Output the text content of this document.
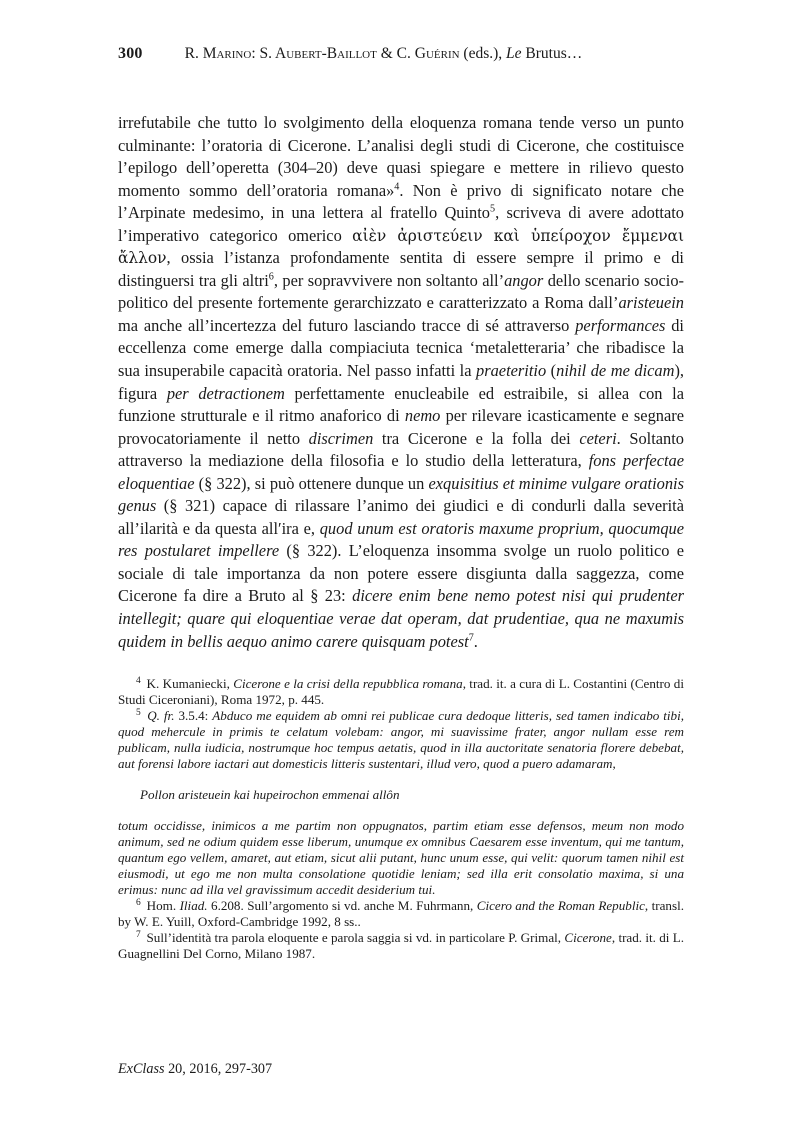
300	R. Marino: S. Aubert-Baillot & C. Guérin (eds.), Le Brutus…

irrefutabile che tutto lo svolgimento della eloquenza romana tende verso un punto culminante: l’oratoria di Cicerone. L’analisi degli studi di Cicerone, che costituisce l’epilogo dell’operetta (304–20) deve quasi spiegare e mettere in rilievo questo momento sommo dell’oratoria romana»$^4$. Non è privo di significato notare che l’Arpinate medesimo, in una lettera al fratello Quinto$^5$, scriveva di avere adottato l’imperativo categorico omerico αἰὲν ἀριστεύειν καὶ ὑπείροχον ἔμμεναι ἄλλον, ossia l’istanza profondamente sentita di essere sempre il primo e di distinguersi tra gli altri$^6$, per sopravvivere non soltanto all’angor dello scenario socio-politico del presente fortemente gerarchizzato e caratterizzato a Roma dall’aristeuein ma anche all’incertezza del futuro lasciando tracce di sé attraverso performances di eccellenza come emerge dalla compiaciuta tecnica ‘metaletteraria’ che ribadisce la sua insuperabile capacità oratoria. Nel passo infatti la praeteritio (nihil de me dicam), figura per detractionem perfettamente enucleabile ed estraibile, si allea con la funzione strutturale e il ritmo anaforico di nemo per rilevare icasticamente e segnare provocatoriamente il netto discrimen tra Cicerone e la folla dei ceteri. Soltanto attraverso la mediazione della filosofia e lo studio della letteratura, fons perfectae eloquentiae (§ 322), si può ottenere dunque un exquisitius et minime vulgare orationis genus (§ 321) capace di rilassare l’animo dei giudici e di condurli dalla severità all’ilarità e da questa all′ira e, quod unum est oratoris maxume proprium, quocumque res postularet impellere (§ 322). L’eloquenza insomma svolge un ruolo politico e sociale di tale importanza da non potere essere disgiunta dalla saggezza, come Cicerone fa dire a Bruto al § 23: dicere enim bene nemo potest nisi qui prudenter intellegit; quare qui eloquentiae verae dat operam, dat prudentiae, qua ne maxumis quidem in bellis aequo animo carere quisquam potest$^7$.

$^4$ K. Kumaniecki, Cicerone e la crisi della repubblica romana, trad. it. a cura di L. Costantini (Centro di Studi Ciceroniani), Roma 1972, p. 445.

$^5$ Q. fr. 3.5.4: Abduco me equidem ab omni rei publicae cura dedoque litteris, sed tamen indicabo tibi, quod mehercule in primis te celatum volebam: angor, mi suavissime frater, angor nullam esse rem publicam, nulla iudicia, nostrumque hoc tempus aetatis, quod in illa auctoritate senatoria florere debebat, aut forensi labore iactari aut domesticis litteris sustentari, illud vero, quod a puero adamaram,

Pollon aristeuein kai hupeirochon emmenai allôn

totum occidisse, inimicos a me partim non oppugnatos, partim etiam esse defensos, meum non modo animum, sed ne odium quidem esse liberum, unumque ex omnibus Caesarem esse inventum, qui me tantum, quantum ego vellem, amaret, aut etiam, sicut alii putant, hunc unum esse, qui velit: quorum tamen nihil est eiusmodi, ut ego me non multa consolatione quotidie leniam; sed illa erit consolatio maxima, si una erimus: nunc ad illa vel gravissimum accedit desiderium tui.

$^6$ Hom. Iliad. 6.208. Sull’argomento si vd. anche M. Fuhrmann, Cicero and the Roman Republic, transl. by W. E. Yuill, Oxford-Cambridge 1992, 8 ss..

$^7$ Sull’identità tra parola eloquente e parola saggia si vd. in particolare P. Grimal, Cicerone, trad. it. di L. Guagnellini Del Corno, Milano 1987.

ExClass 20, 2016, 297-307
